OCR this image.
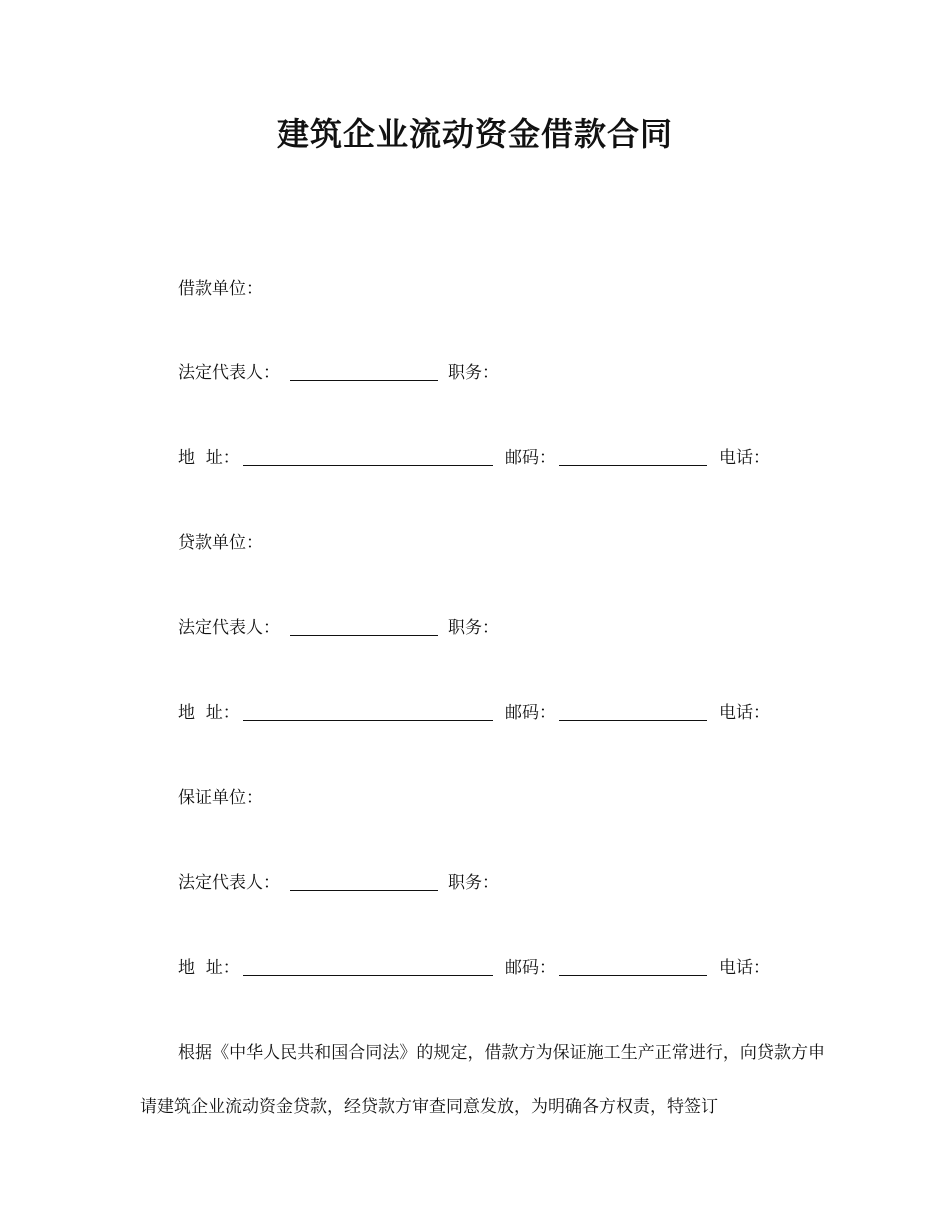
建筑企业流动资金借款合同
借款单位：
法定代表人：	职务：
地  址：	邮码：	电话：
贷款单位：
法定代表人：	职务：
地  址：	邮码：	电话：
保证单位：
法定代表人：	职务：
地  址：	邮码：	电话：

根据《中华人民共和国合同法》的规定，借款方为保证施工生产正常进行，向贷款方申请建筑企业流动资金贷款，经贷款方审查同意发放，为明确各方权责，特签订
